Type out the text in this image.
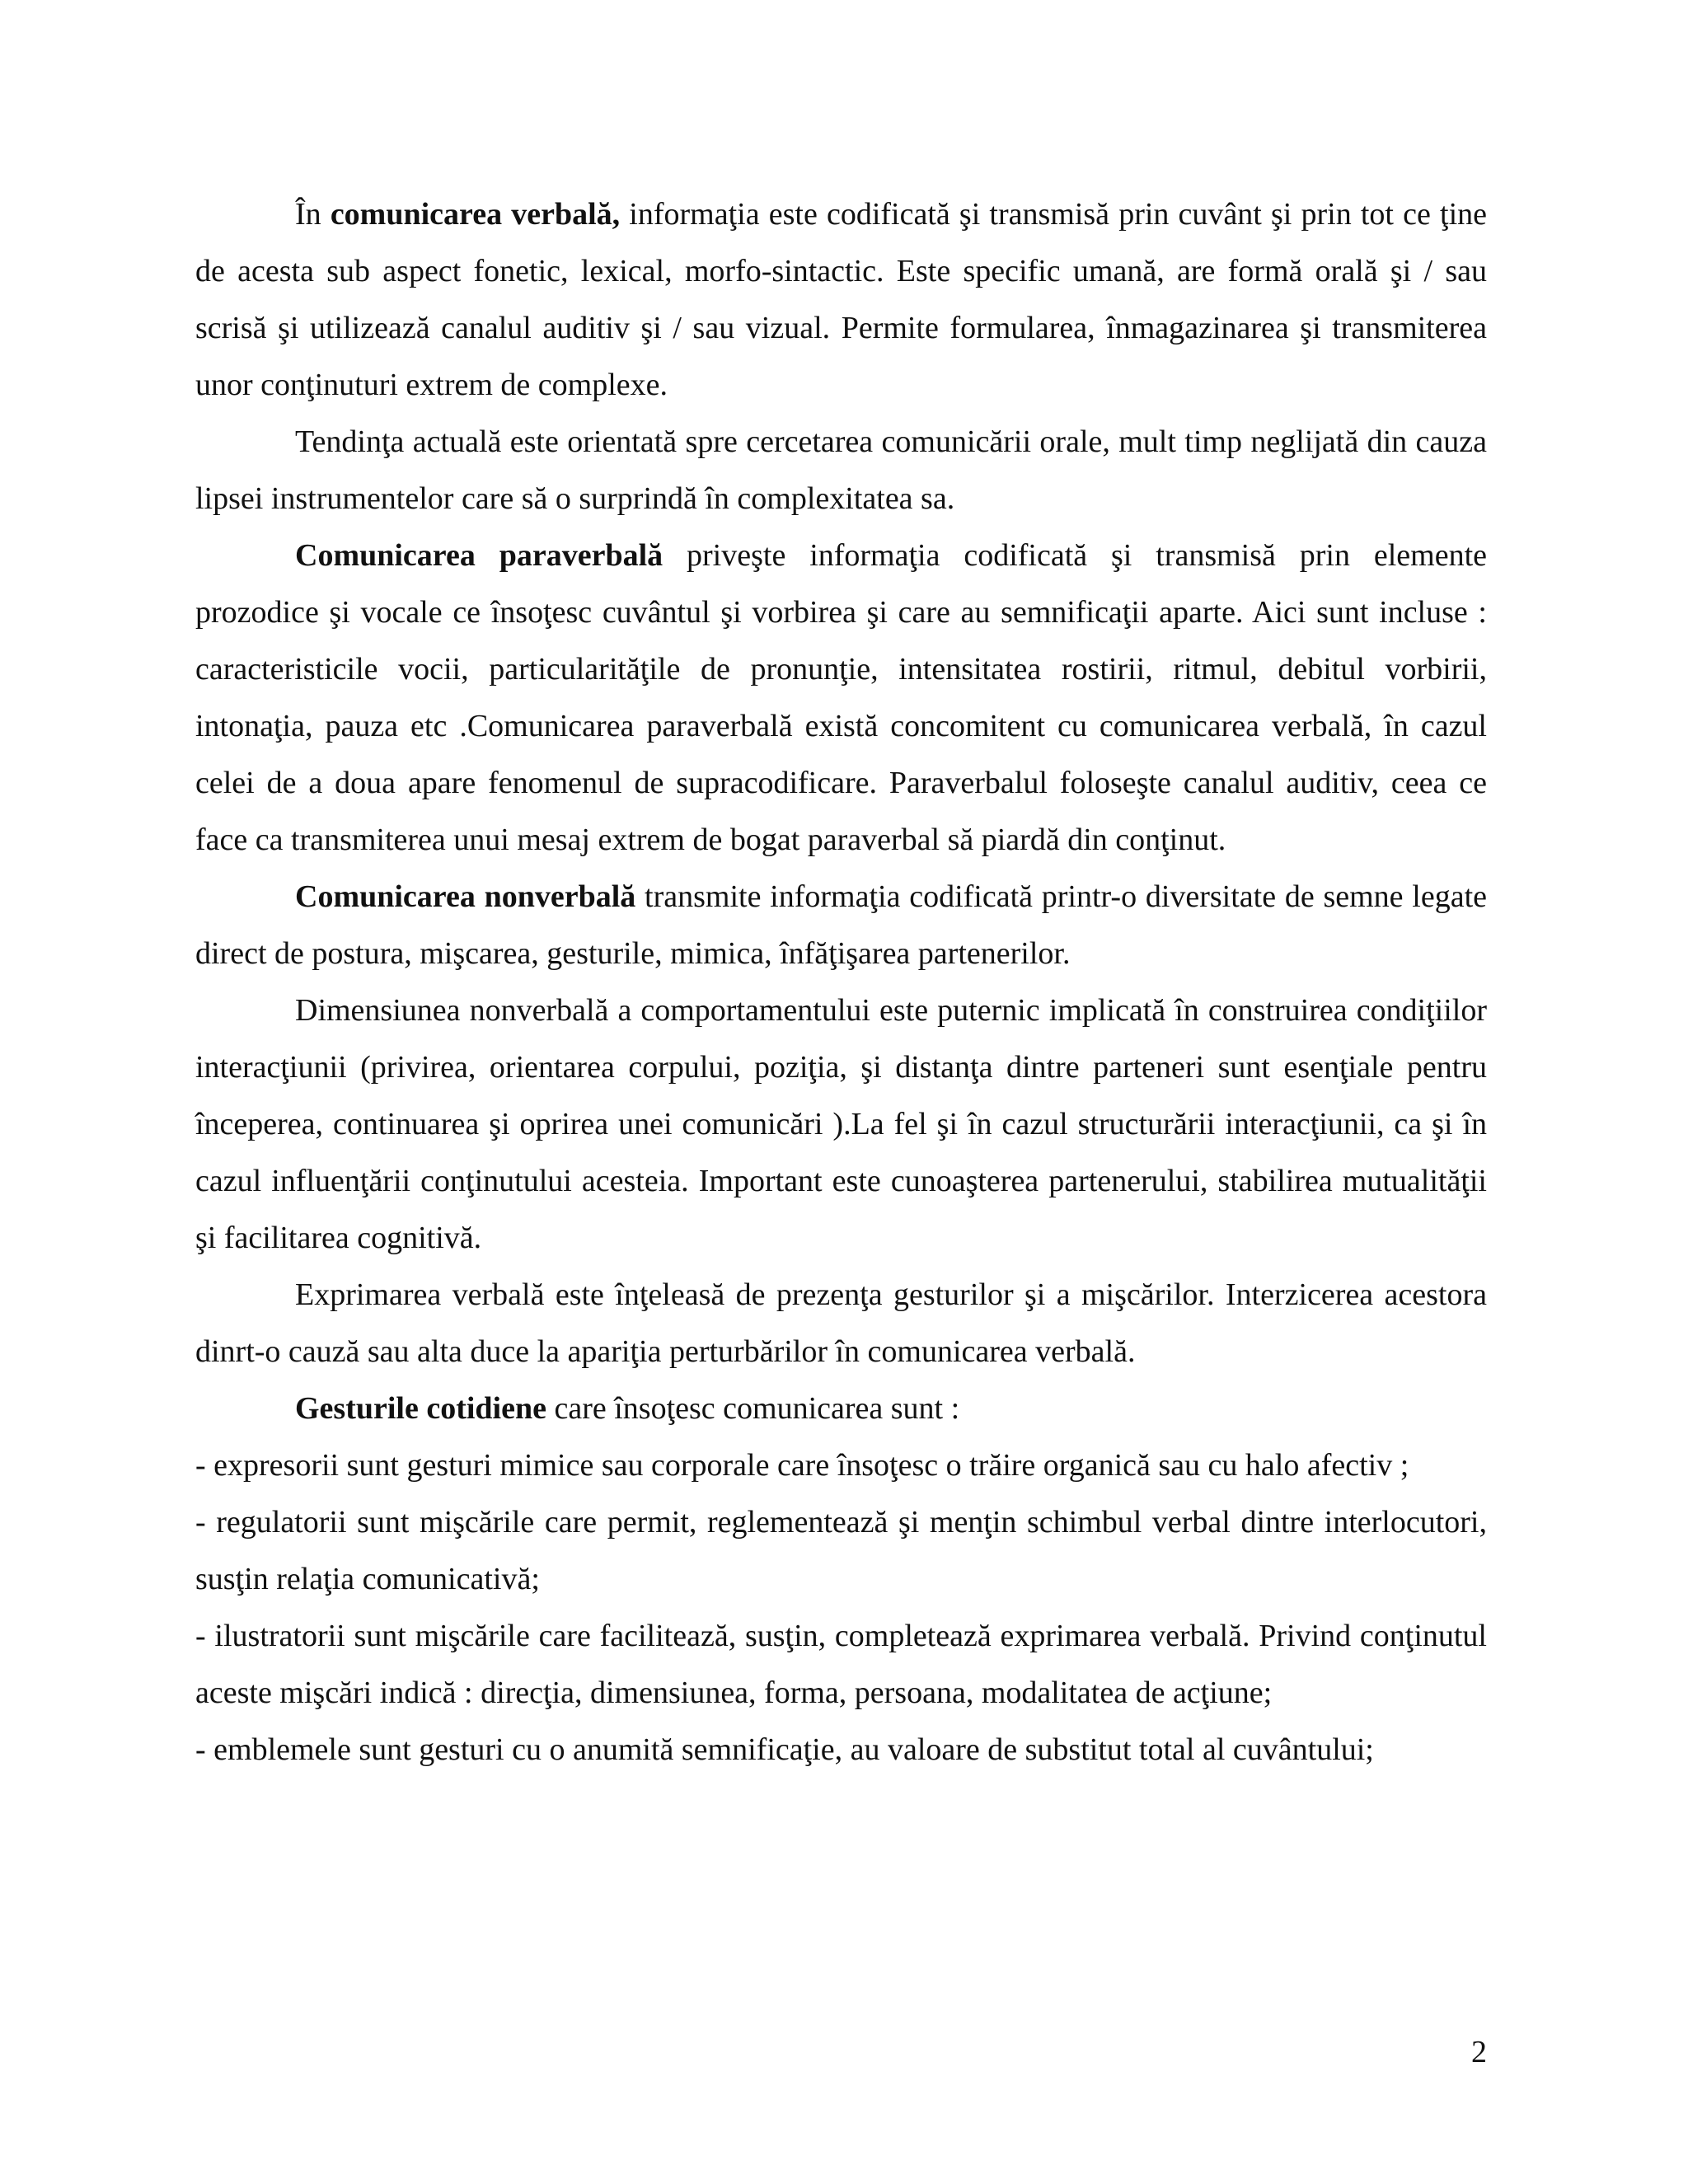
În comunicarea verbală, informaţia este codificată şi transmisă prin cuvânt şi prin tot ce ţine de acesta sub aspect fonetic, lexical, morfo-sintactic. Este specific umană, are formă orală şi / sau scrisă şi utilizează canalul auditiv şi / sau vizual. Permite formularea, înmagazinarea şi transmiterea unor conţinuturi extrem de complexe.

Tendinţa actuală este orientată spre cercetarea comunicării orale, mult timp neglijată din cauza lipsei instrumentelor care să o surprindă în complexitatea sa.

Comunicarea paraverbală priveşte informaţia codificată şi transmisă prin elemente prozodice şi vocale ce însoţesc cuvântul şi vorbirea şi care au semnificaţii aparte. Aici sunt incluse : caracteristicile vocii, particularităţile de pronunţie, intensitatea rostirii, ritmul, debitul vorbirii, intonaţia, pauza etc .Comunicarea paraverbală există concomitent cu comunicarea verbală, în cazul celei de a doua apare fenomenul de supracodificare. Paraverbalul foloseşte canalul auditiv, ceea ce face ca transmiterea unui mesaj extrem de bogat paraverbal să piardă din conţinut.

Comunicarea nonverbală transmite informaţia codificată printr-o diversitate de semne legate direct de postura, mişcarea, gesturile, mimica, înfăţişarea partenerilor.

Dimensiunea nonverbală a comportamentului este puternic implicată în construirea condiţiilor interacţiunii (privirea, orientarea corpului, poziţia, şi distanţa dintre parteneri sunt esenţiale pentru începerea, continuarea şi oprirea unei comunicări ).La fel şi în cazul structurării interacţiunii, ca şi în cazul influenţării conţinutului acesteia. Important este cunoaşterea partenerului, stabilirea mutualităţii şi facilitarea cognitivă.

Exprimarea verbală este înţeleasă de prezenţa gesturilor şi a mişcărilor. Interzicerea acestora dinrt-o cauză sau alta duce la apariţia perturbărilor în comunicarea verbală.

Gesturile cotidiene care însoţesc comunicarea sunt :

- expresorii sunt gesturi mimice sau corporale care însoţesc o trăire organică sau cu halo afectiv ;

- regulatorii sunt mişcările care permit, reglementează şi menţin schimbul verbal dintre interlocutori, susţin relaţia comunicativă;

- ilustratorii sunt mişcările care facilitează, susţin, completează exprimarea verbală. Privind conţinutul aceste mişcări indică : direcţia, dimensiunea, forma, persoana, modalitatea de acţiune;

- emblemele sunt gesturi cu o anumită semnificaţie, au valoare de substitut total al cuvântului;

2
